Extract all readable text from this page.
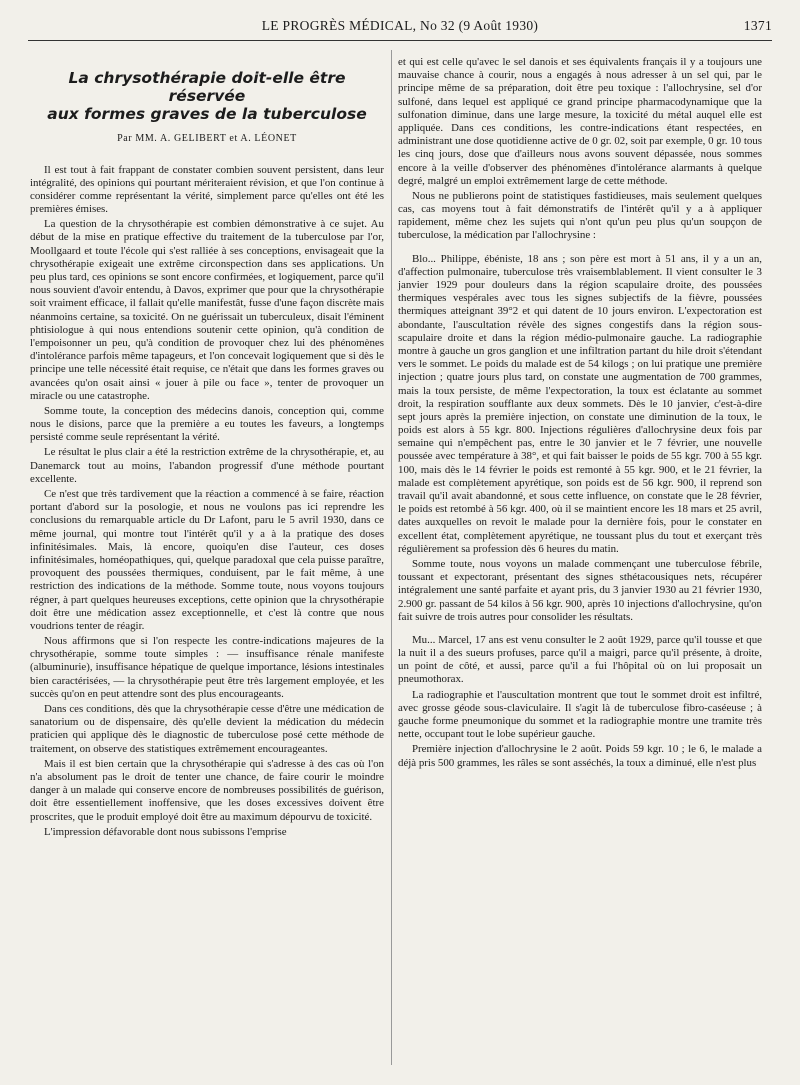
LE PROGRÈS MÉDICAL, No 32 (9 Août 1930)	1371
La chrysothérapie doit-elle être réservée
aux formes graves de la tuberculose
Par MM. A. GELIBERT et A. LÉONET

Il est tout à fait frappant de constater combien souvent persistent, dans leur intégralité, des opinions qui pourtant mériteraient révision, et que l'on continue à considérer comme représentant la vérité, simplement parce qu'elles ont été les premières émises.

La question de la chrysothérapie est combien démonstrative à ce sujet. Au début de la mise en pratique effective du traitement de la tuberculose par l'or, Moollgaard et toute l'école qui s'est ralliée à ses conceptions, envisageait que la chrysothérapie exigeait une extrême circonspection dans ses applications. Un peu plus tard, ces opinions se sont encore confirmées, et logiquement, parce qu'il nous souvient d'avoir entendu, à Davos, exprimer que pour que la chrysothérapie soit vraiment efficace, il fallait qu'elle manifestât, fusse d'une façon discrète mais néanmoins certaine, sa toxicité. On ne guérissait un tuberculeux, disait l'éminent phtisiologue à qui nous entendions soutenir cette opinion, qu'à condition de l'empoisonner un peu, qu'à condition de provoquer chez lui des phénomènes d'intolérance parfois même tapageurs, et l'on concevait logiquement que si dès le principe une telle nécessité était requise, ce n'était que dans les formes graves ou avancées qu'on osait ainsi « jouer à pile ou face », tenter de provoquer un miracle ou une catastrophe.

Somme toute, la conception des médecins danois, conception qui, comme nous le disions, parce que la première a eu toutes les faveurs, a longtemps persisté comme seule représentant la vérité.

Le résultat le plus clair a été la restriction extrême de la chrysothérapie, et, au Danemarck tout au moins, l'abandon progressif d'une méthode pourtant excellente.

Ce n'est que très tardivement que la réaction a commencé à se faire, réaction portant d'abord sur la posologie, et nous ne voulons pas ici reprendre les conclusions du remarquable article du Dr Lafont, paru le 5 avril 1930, dans ce même journal, qui montre tout l'intérêt qu'il y a à la pratique des doses infinitésimales. Mais, là encore, quoiqu'en dise l'auteur, ces doses infinitésimales, homéopathiques, qui, quelque paradoxal que cela puisse paraître, provoquent des poussées thermiques, conduisent, par le fait même, à une restriction des indications de la méthode. Somme toute, nous voyons toujours régner, à part quelques heureuses exceptions, cette opinion que la chrysothérapie doit être une médication assez exceptionnelle, et c'est là contre que nous voudrions tenter de réagir.

Nous affirmons que si l'on respecte les contre-indications majeures de la chrysothérapie, somme toute simples : — insuffisance rénale manifeste (albuminurie), insuffisance hépatique de quelque importance, lésions intestinales bien caractérisées, — la chrysothérapie peut être très largement employée, et les succès qu'on en peut attendre sont des plus encourageants.

Dans ces conditions, dès que la chrysothérapie cesse d'être une médication de sanatorium ou de dispensaire, dès qu'elle devient la médication du médecin praticien qui applique dès le diagnostic de tuberculose posé cette méthode de traitement, on observe des statistiques extrêmement encourageantes.

Mais il est bien certain que la chrysothérapie qui s'adresse à des cas où l'on n'a absolument pas le droit de tenter une chance, de faire courir le moindre danger à un malade qui conserve encore de nombreuses possibilités de guérison, doit être essentiellement inoffensive, que les doses excessives doivent être proscrites, que le produit employé doit être au maximum dépourvu de toxicité.

L'impression défavorable dont nous subissons l'emprise

et qui est celle qu'avec le sel danois et ses équivalents français il y a toujours une mauvaise chance à courir, nous a engagés à nous adresser à un sel qui, par le principe même de sa préparation, doit être peu toxique : l'allochrysine, sel d'or sulfoné, dans lequel est appliqué ce grand principe pharmacodynamique que la sulfonation diminue, dans une large mesure, la toxicité du métal auquel elle est appliquée. Dans ces conditions, les contre-indications étant respectées, en administrant une dose quotidienne active de 0 gr. 02, soit par exemple, 0 gr. 10 tous les cinq jours, dose que d'ailleurs nous avons souvent dépassée, nous sommes encore à la veille d'observer des phénomènes d'intolérance alarmants à quelque degré, malgré un emploi extrêmement large de cette méthode.

Nous ne publierons point de statistiques fastidieuses, mais seulement quelques cas, cas moyens tout à fait démonstratifs de l'intérêt qu'il y a à appliquer rapidement, même chez les sujets qui n'ont qu'un peu plus qu'un soupçon de tuberculose, la médication par l'allochrysine :

Blo... Philippe, ébéniste, 18 ans ; son père est mort à 51 ans, il y a un an, d'affection pulmonaire, tuberculose très vraisemblablement. Il vient consulter le 3 janvier 1929 pour douleurs dans la région scapulaire droite, des poussées thermiques vespérales avec tous les signes subjectifs de la fièvre, poussées thermiques atteignant 39°2 et qui datent de 10 jours environ. L'expectoration est abondante, l'auscultation révèle des signes congestifs dans la région sous-scapulaire droite et dans la région médio-pulmonaire gauche. La radiographie montre à gauche un gros ganglion et une infiltration partant du hile droit s'étendant vers le sommet. Le poids du malade est de 54 kilogs ; on lui pratique une première injection ; quatre jours plus tard, on constate une augmentation de 700 grammes, mais la toux persiste, de même l'expectoration, la toux est éclatante au sommet droit, la respiration soufflante aux deux sommets. Dès le 10 janvier, c'est-à-dire sept jours après la première injection, on constate une diminution de la toux, le poids est alors à 55 kgr. 800. Injections régulières d'allochrysine deux fois par semaine qui n'empêchent pas, entre le 30 janvier et le 7 février, une nouvelle poussée avec température à 38°, et qui fait baisser le poids de 55 kgr. 700 à 55 kgr. 100, mais dès le 14 février le poids est remonté à 55 kgr. 900, et le 21 février, la malade est complètement apyrétique, son poids est de 56 kgr. 900, il reprend son travail qu'il avait abandonné, et sous cette influence, on constate que le 28 février, le poids est retombé à 56 kgr. 400, où il se maintient encore les 18 mars et 25 avril, dates auxquelles on revoit le malade pour la dernière fois, pour le constater en excellent état, complètement apyrétique, ne toussant plus du tout et exerçant très régulièrement sa profession dès 6 heures du matin.

Somme toute, nous voyons un malade commençant une tuberculose fébrile, toussant et expectorant, présentant des signes sthétacousiques nets, récupérer intégralement une santé parfaite et ayant pris, du 3 janvier 1930 au 21 février 1930, 2.900 gr. passant de 54 kilos à 56 kgr. 900, après 10 injections d'allochrysine, qu'on fait suivre de trois autres pour consolider les résultats.

Mu... Marcel, 17 ans est venu consulter le 2 août 1929, parce qu'il tousse et que la nuit il a des sueurs profuses, parce qu'il a maigri, parce qu'il présente, à droite, un point de côté, et aussi, parce qu'il a fui l'hôpital où on lui proposait un pneumothorax.

La radiographie et l'auscultation montrent que tout le sommet droit est infiltré, avec grosse géode sous-claviculaire. Il s'agit là de tuberculose fibro-caséeuse ; à gauche forme pneumonique du sommet et la radiographie montre une tramite très nette, occupant tout le lobe supérieur gauche.

Première injection d'allochrysine le 2 août. Poids 59 kgr. 10 ; le 6, le malade a déjà pris 500 grammes, les râles se sont asséchés, la toux a diminué, elle n'est plus
